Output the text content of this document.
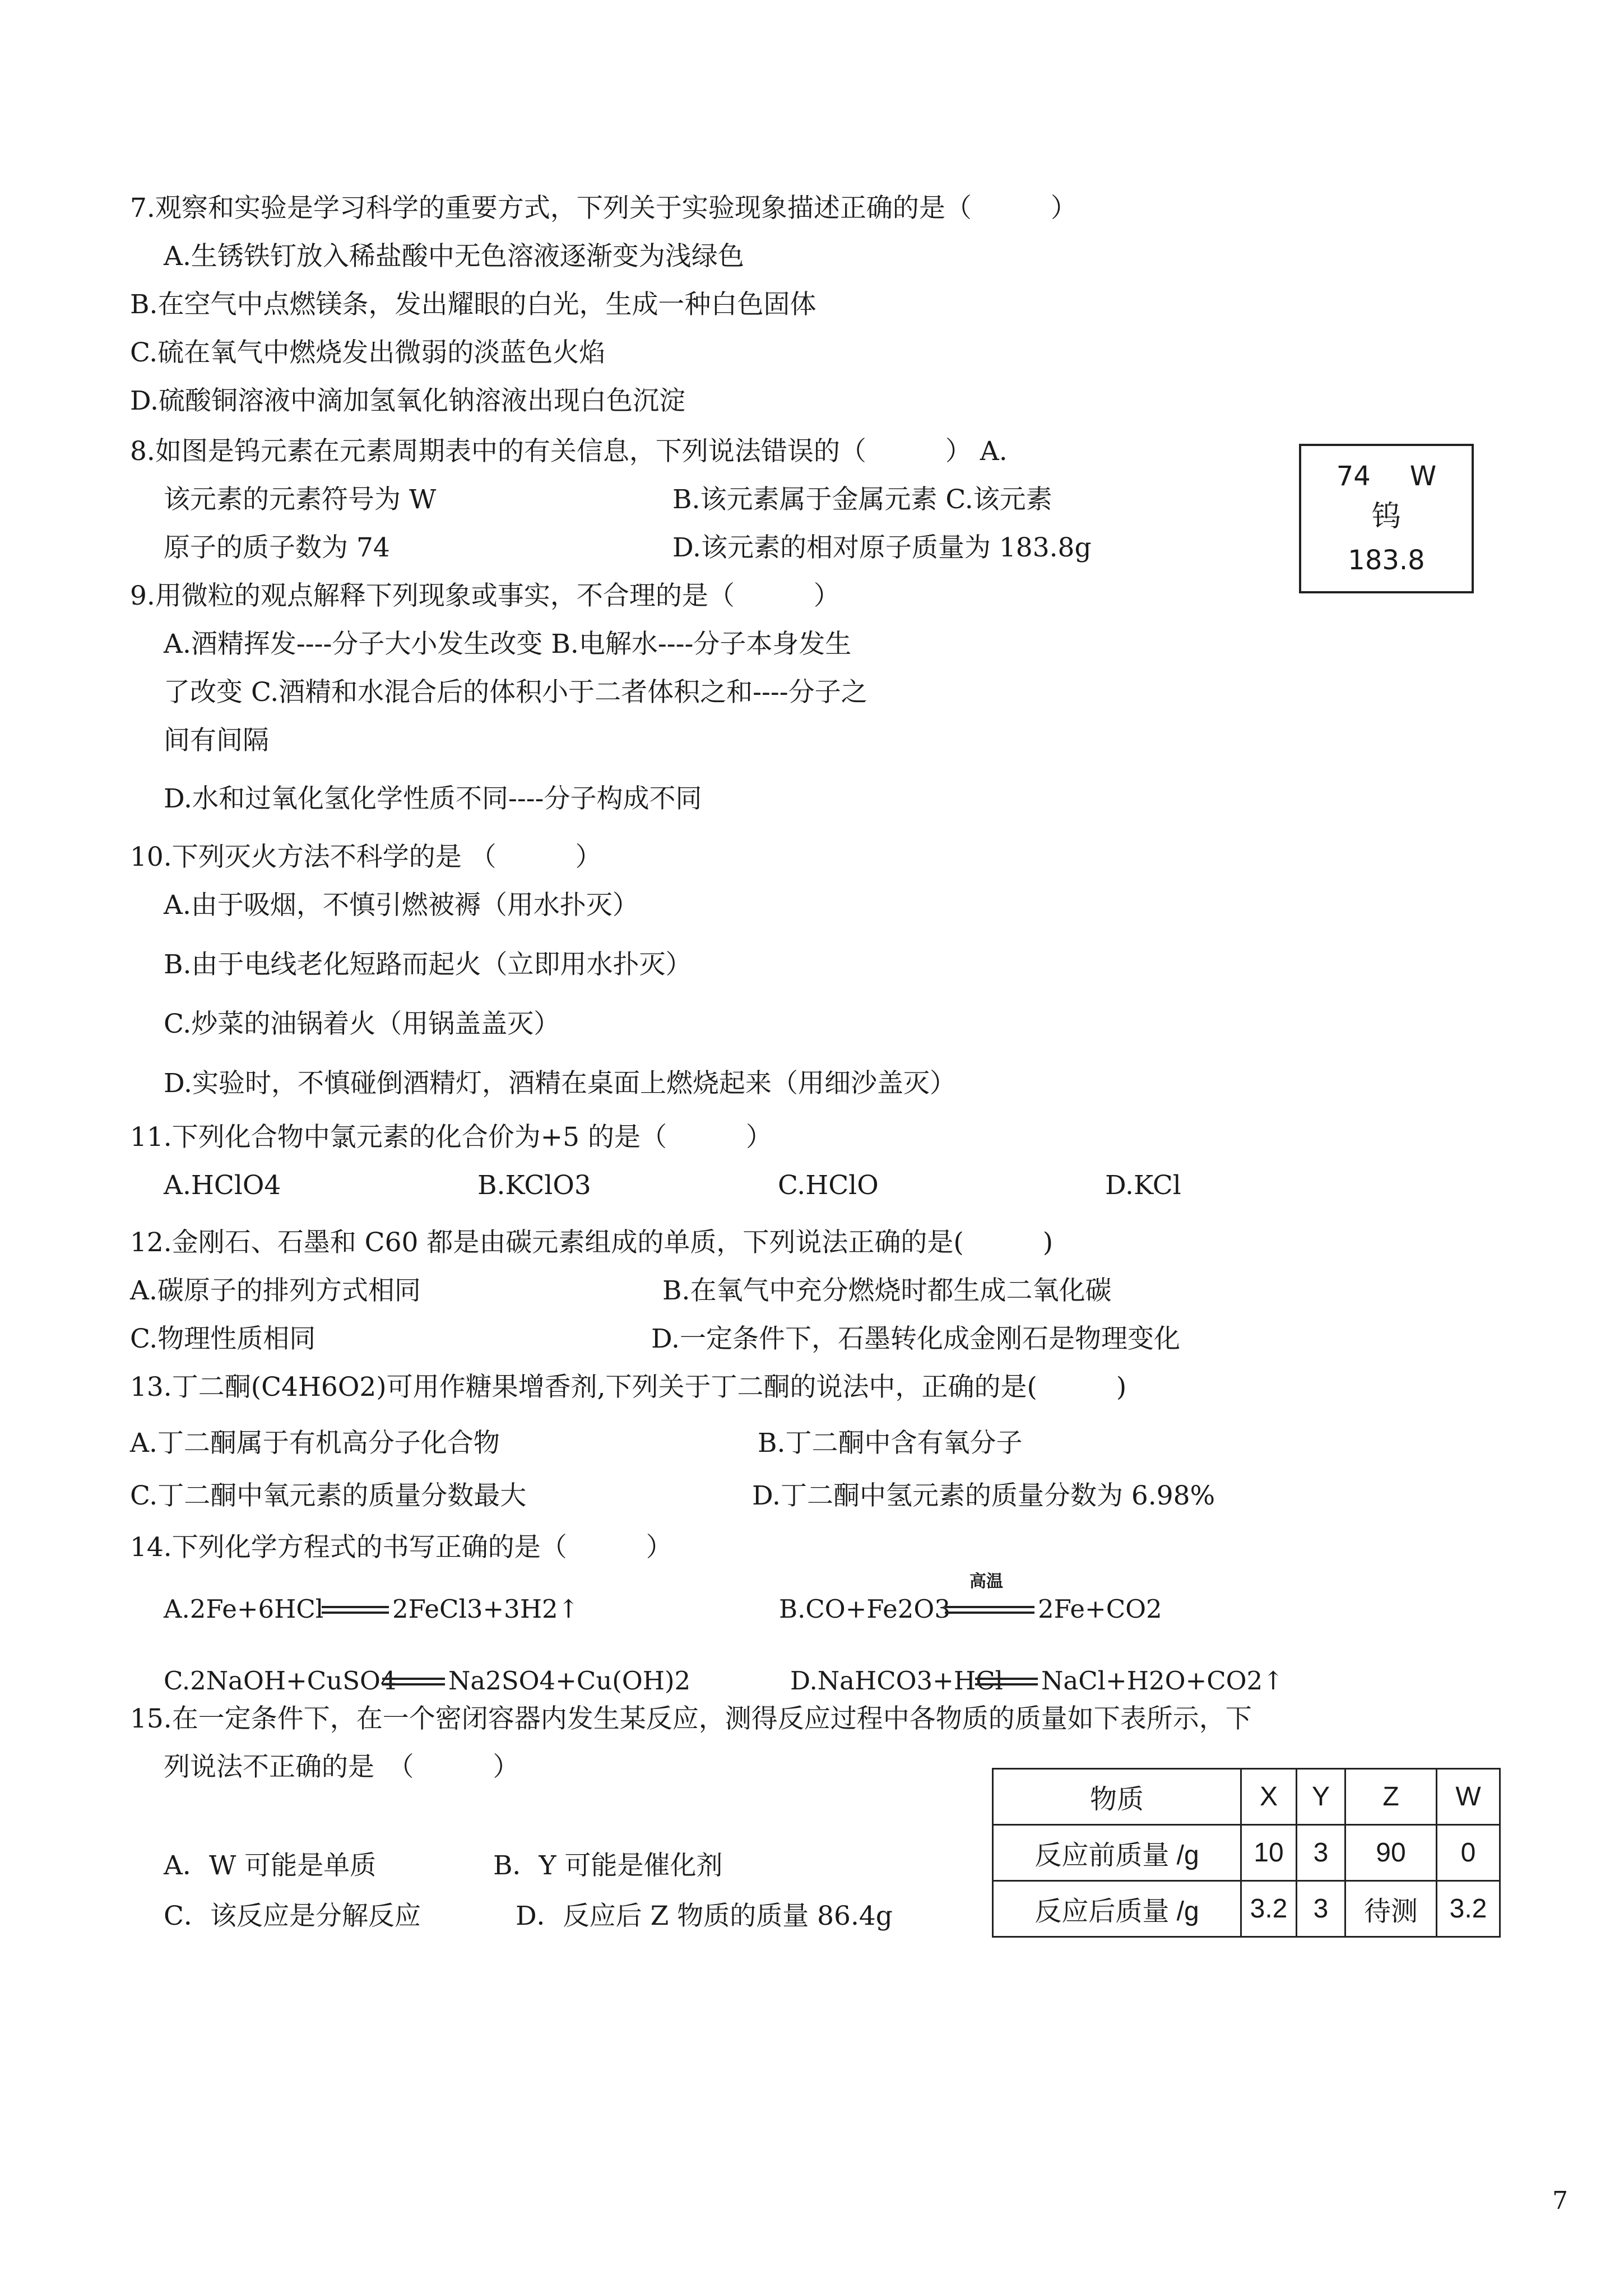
7.观察和实验是学习科学的重要方式，下列关于实验现象描述正确的是（　　　）
A.生锈铁钉放入稀盐酸中无色溶液逐渐变为浅绿色
B.在空气中点燃镁条，发出耀眼的白光，生成一种白色固体
C.硫在氧气中燃烧发出微弱的淡蓝色火焰
D.硫酸铜溶液中滴加氢氧化钠溶液出现白色沉淀
8.如图是钨元素在元素周期表中的有关信息，下列说法错误的（　　　） A.
该元素的元素符号为 W	B.该元素属于金属元素 C.该元素
原子的质子数为 74	D.该元素的相对原子质量为 183.8g
74 W
钨
183.8
9.用微粒的观点解释下列现象或事实，不合理的是（　　　）
A.酒精挥发----分子大小发生改变 B.电解水----分子本身发生
了改变 C.酒精和水混合后的体积小于二者体积之和----分子之
间有间隔
D.水和过氧化氢化学性质不同----分子构成不同
10.下列灭火方法不科学的是 （　　　）
A.由于吸烟，不慎引燃被褥（用水扑灭）
B.由于电线老化短路而起火（立即用水扑灭）
C.炒菜的油锅着火（用锅盖盖灭）
D.实验时，不慎碰倒酒精灯，酒精在桌面上燃烧起来（用细沙盖灭）
11.下列化合物中氯元素的化合价为+5 的是（　　　）
A.HClO4	B.KClO3	C.HClO	D.KCl
12.金刚石、石墨和 C60 都是由碳元素组成的单质，下列说法正确的是(　　　)
A.碳原子的排列方式相同	B.在氧气中充分燃烧时都生成二氧化碳
C.物理性质相同	D.一定条件下，石墨转化成金刚石是物理变化
13.丁二酮(C4H6O2)可用作糖果增香剂,下列关于丁二酮的说法中，正确的是(　　　)
A.丁二酮属于有机高分子化合物	B.丁二酮中含有氧分子
C.丁二酮中氧元素的质量分数最大	D.丁二酮中氢元素的质量分数为 6.98%
14.下列化学方程式的书写正确的是（　　　）
A.2Fe+6HCl	2FeCl3+3H2↑	B.CO+Fe2O3
高温
2Fe+CO2
C.2NaOH+CuSO4 Na2SO4+Cu(OH)2	D.NaHCO3+HCl NaCl+H2O+CO2↑
15.在一定条件下，在一个密闭容器内发生某反应，测得反应过程中各物质的质量如下表所示，下
列说法不正确的是　（　　　）
A．W 可能是单质	B．Y 可能是催化剂
C．该反应是分解反应	D．反应后 Z 物质的质量 86.4g
物质	X	Y	Z	W
反应前质量 /g	10	3	90	0
反应后质量 /g	3.2	3	待测	3.2
7
